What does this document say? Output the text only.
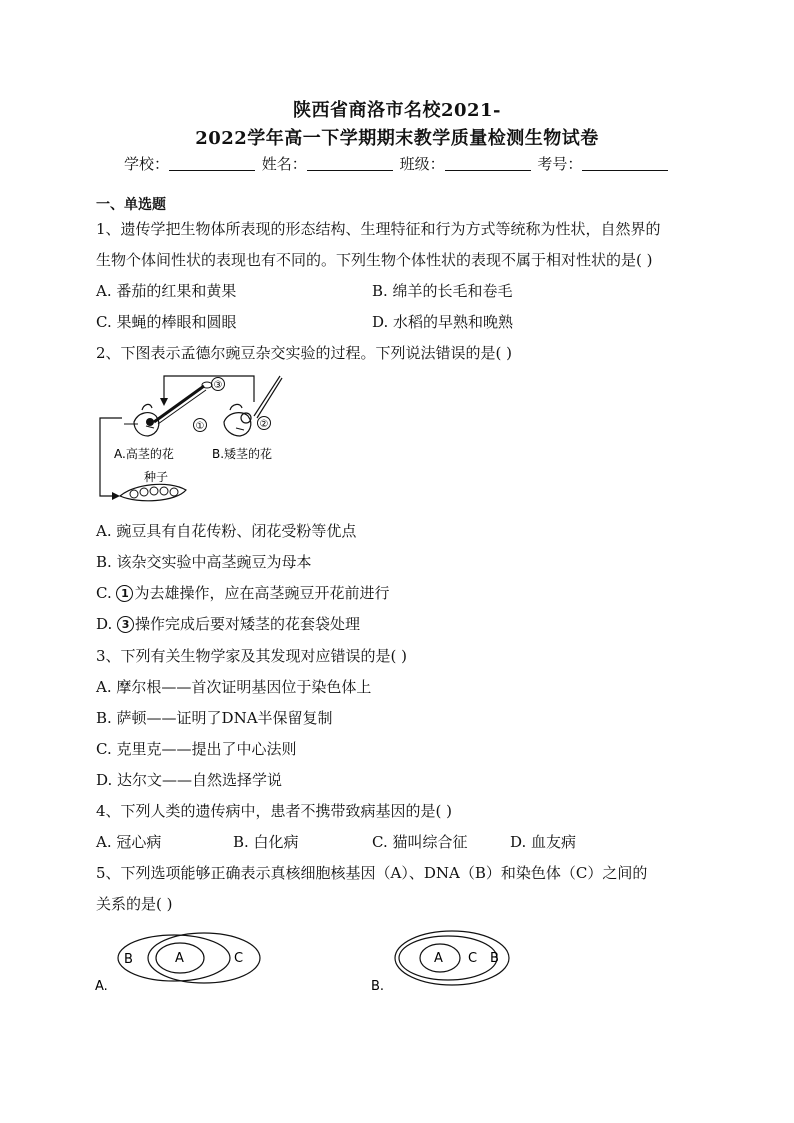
陕西省商洛市名校2021-
2022学年高一下学期期末教学质量检测生物试卷
学校：	姓名：	班级：	考号：
一、单选题
1、遗传学把生物体所表现的形态结构、生理特征和行为方式等统称为性状，自然界的
生物个体间性状的表现也有不同的。下列生物个体性状的表现不属于相对性状的是( )
A. 番茄的红果和黄果	B. 绵羊的长毛和卷毛
C. 果蝇的棒眼和圆眼	D. 水稻的早熟和晚熟
2、下图表示孟德尔豌豆杂交实验的过程。下列说法错误的是( )
③
①	②
A.高茎的花	B.矮茎的花
种子
A. 豌豆具有自花传粉、闭花受粉等优点
B. 该杂交实验中高茎豌豆为母本
C. 1 为去雄操作，应在高茎豌豆开花前进行
D. 3 操作完成后要对矮茎的花套袋处理
3、下列有关生物学家及其发现对应错误的是( )
A. 摩尔根——首次证明基因位于染色体上
B. 萨顿——证明了DNA半保留复制
C. 克里克——提出了中心法则
D. 达尔文——自然选择学说
4、下列人类的遗传病中，患者不携带致病基因的是( )
A. 冠心病	B. 白化病	C. 猫叫综合征	D. 血友病
5、下列选项能够正确表示真核细胞核基因（A）、DNA（B）和染色体（C）之间的
关系的是( )
A.
B	A	C
B.
A C B
